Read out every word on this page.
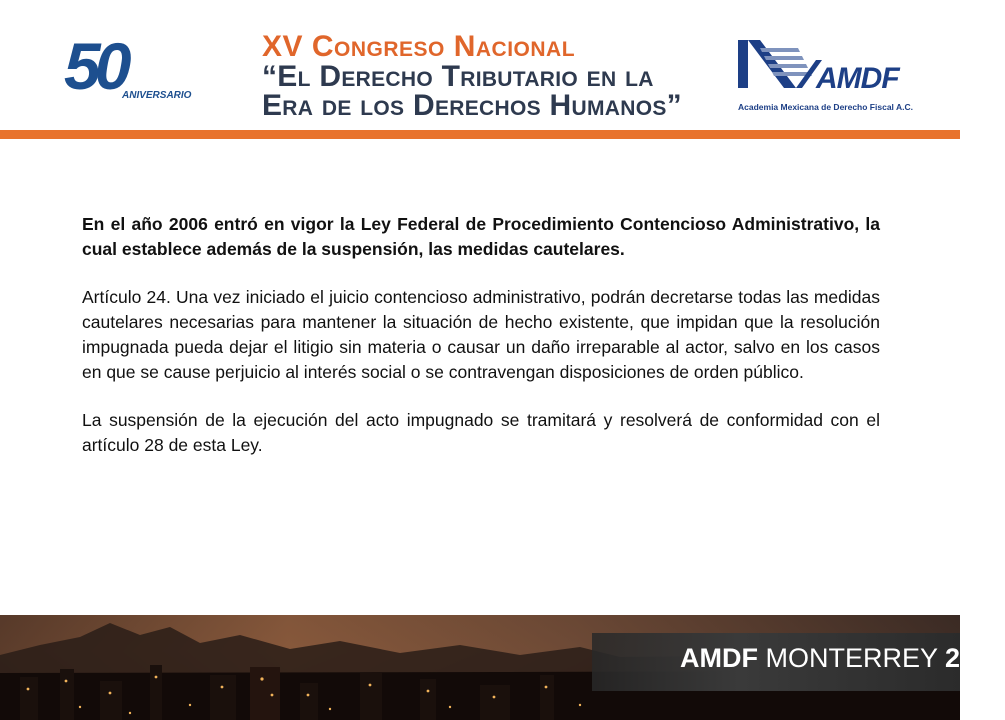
50
ANIVERSARIO
XV Congreso Nacional
“El Derecho Tributario en la
Era de los Derechos Humanos”
AMDF
Academia Mexicana de Derecho Fiscal A.C.

En el año 2006 entró en vigor la Ley Federal de Procedimiento Contencioso Administrativo, la cual establece además de la suspensión, las medidas cautelares.

Artículo 24. Una vez iniciado el juicio contencioso administrativo, podrán decretarse todas las medidas cautelares necesarias para mantener la situación de hecho existente, que impidan que la resolución impugnada pueda dejar el litigio sin materia o causar un daño irreparable al actor, salvo en los casos en que se cause perjuicio al interés social o se contravengan disposiciones de orden público.

La suspensión de la ejecución del acto impugnado se tramitará y resolverá de conformidad con el artículo 28 de esta Ley.

AMDF MONTERREY 2012
